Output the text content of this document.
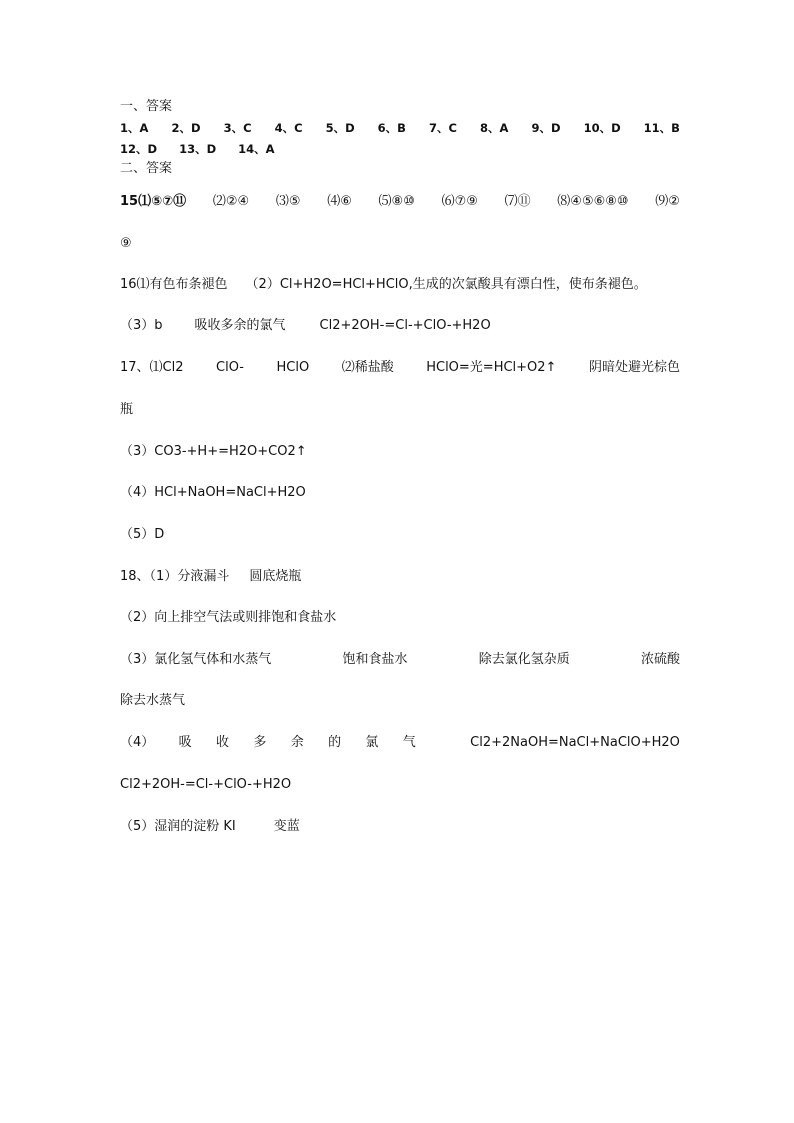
一、答案
1、A 2、D 3、C 4、C 5、D 6、B 7、C 8、A 9、D 10、D 11、B
12、D 13、D 14、A
二、答案
15⑴⑤⑦⑪ ⑵②④ ⑶⑤ ⑷⑥ ⑸⑧⑩ ⑹⑦⑨ ⑺⑪ ⑻④⑤⑥⑧⑩ ⑼②
⑨
16⑴有色布条褪色 （2）Cl+H2O=HCl+HClO,生成的次氯酸具有漂白性，使布条褪色。
（3）b 吸收多余的氯气	Cl2+2OH-=Cl-+ClO-+H2O
17、⑴Cl2	ClO-	HClO	⑵稀盐酸	HClO=光=HCl+O2↑	阴暗处避光棕色
瓶
（3）CO3-+H+=H2O+CO2↑
（4）HCl+NaOH=NaCl+H2O
（5）D
18、（1）分液漏斗 圆底烧瓶
（2）向上排空气法或则排饱和食盐水
（3）氯化氢气体和水蒸气	饱和食盐水	除去氯化氢杂质	浓硫酸
除去水蒸气
（4） 吸 收 多 余 的 氯 气	Cl2+2NaOH=NaCl+NaClO+H2O
Cl2+2OH-=Cl-+ClO-+H2O
（5）湿润的淀粉 KI	变蓝
